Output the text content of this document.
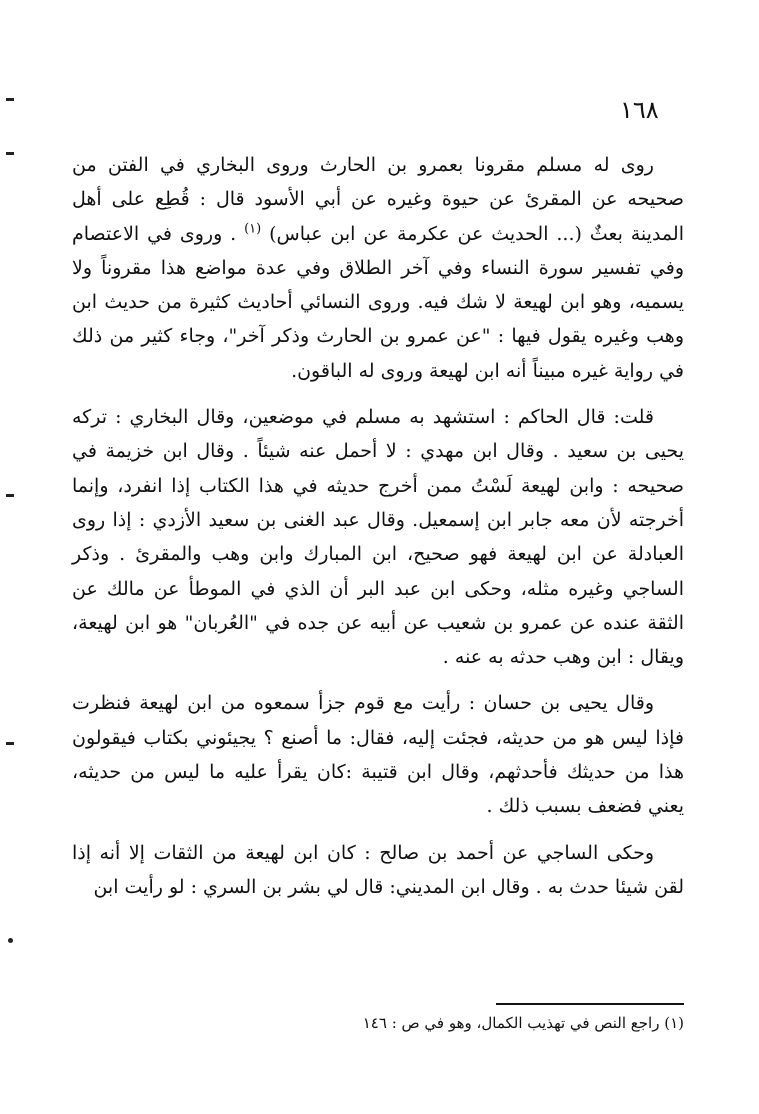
١٦٨

روى له مسلم مقرونا بعمرو بن الحارث وروى البخاري في الفتن من صحيحه عن المقرئ عن حيوة وغيره عن أبي الأسود قال : قُطِع على أهل المدينة بعثٌ (... الحديث عن عكرمة عن ابن عباس) $^{(١)}$ . وروى في الاعتصام وفي تفسير سورة النساء وفي آخر الطلاق وفي عدة مواضع هذا مقروناً ولا يسميه، وهو ابن لهيعة لا شك فيه. وروى النسائي أحاديث كثيرة من حديث ابن وهب وغيره يقول فيها : "عن عمرو بن الحارث وذكر آخر"، وجاء كثير من ذلك في رواية غيره مبيناً أنه ابن لهيعة وروى له الباقون.

قلت: قال الحاكم : استشهد به مسلم في موضعين، وقال البخاري : تركه يحيى بن سعيد . وقال ابن مهدي : لا أحمل عنه شيئاً . وقال ابن خزيمة في صحيحه : وابن لهيعة لَسْتُ ممن أخرج حديثه في هذا الكتاب إذا انفرد، وإنما أخرجته لأن معه جابر ابن إسمعيل. وقال عبد الغنى بن سعيد الأزدي : إذا روى العبادلة عن ابن لهيعة فهو صحيح، ابن المبارك وابن وهب والمقرئ . وذكر الساجي وغيره مثله، وحكى ابن عبد البر أن الذي في الموطأ عن مالك عن الثقة عنده عن عمرو بن شعيب عن أبيه عن جده في "العُربان" هو ابن لهيعة، ويقال : ابن وهب حدثه به عنه .

وقال يحيى بن حسان : رأيت مع قوم جزأ سمعوه من ابن لهيعة فنظرت فإذا ليس هو من حديثه، فجئت إليه، فقال: ما أصنع ؟ يجيئوني بكتاب فيقولون هذا من حديثك فأحدثهم، وقال ابن قتيبة :كان يقرأ عليه ما ليس من حديثه، يعني فضعف بسبب ذلك .

وحكى الساجي عن أحمد بن صالح : كان ابن لهيعة من الثقات إلا أنه إذا لقن شيئا حدث به . وقال ابن المديني: قال لي بشر بن السري : لو رأيت ابن

(١) راجع النص في تهذيب الكمال، وهو في ص : ١٤٦
